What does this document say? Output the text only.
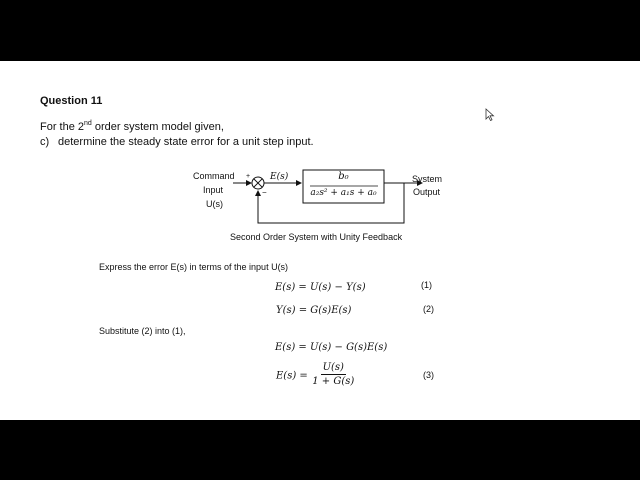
Question 11
For the 2nd order system model given,
c) determine the steady state error for a unit step input.
Command
Input
U(s)
+
−
E(s)	b₀
a₂s² + a₁s + a₀
System
Output
Second Order System with Unity Feedback
Express the error E(s) in terms of the input U(s)
E(s) = U(s) − Y(s)	(1)
Y(s) = G(s)E(s)	(2)
Substitute (2) into (1),
E(s) = U(s) − G(s)E(s)
$E(s) = \frac{U(s)}{1 + G(s)}$	(3)
